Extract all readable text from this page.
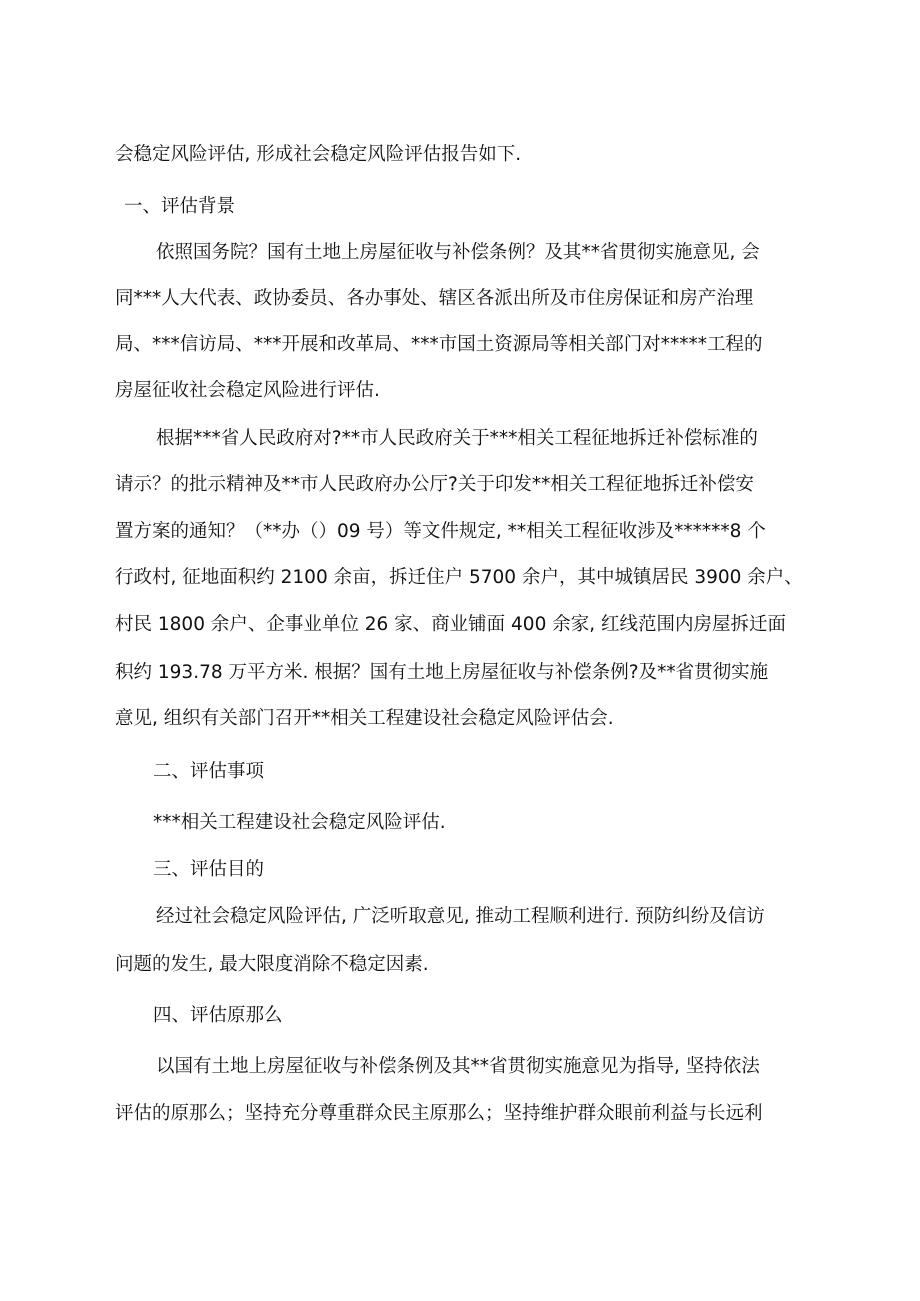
会稳定风险评估, 形成社会稳定风险评估报告如下.
一、评估背景
依照国务院？国有土地上房屋征收与补偿条例？及其**省贯彻实施意见, 会
同***人大代表、政协委员、各办事处、辖区各派出所及市住房保证和房产治理
局、***信访局、***开展和改革局、***市国土资源局等相关部门对*****工程的
房屋征收社会稳定风险进行评估.
根据***省人民政府对?**市人民政府关于***相关工程征地拆迁补偿标准的
请示？的批示精神及**市人民政府办公厅?关于印发**相关工程征地拆迁补偿安
置方案的通知？（**办（）09 号）等文件规定, **相关工程征收涉及******8 个
行政村, 征地面积约 2100 余亩，拆迁住户 5700 余户，其中城镇居民 3900 余户、
村民 1800 余户、企事业单位 26 家、商业铺面 400 余家, 红线范围内房屋拆迁面
积约 193.78 万平方米. 根据？国有土地上房屋征收与补偿条例?及**省贯彻实施
意见, 组织有关部门召开**相关工程建设社会稳定风险评估会.
二、评估事项
***相关工程建设社会稳定风险评估.
三、评估目的
经过社会稳定风险评估, 广泛听取意见, 推动工程顺利进行. 预防纠纷及信访
问题的发生, 最大限度消除不稳定因素.
四、评估原那么
以国有土地上房屋征收与补偿条例及其**省贯彻实施意见为指导, 坚持依法
评估的原那么；坚持充分尊重群众民主原那么；坚持维护群众眼前利益与长远利
